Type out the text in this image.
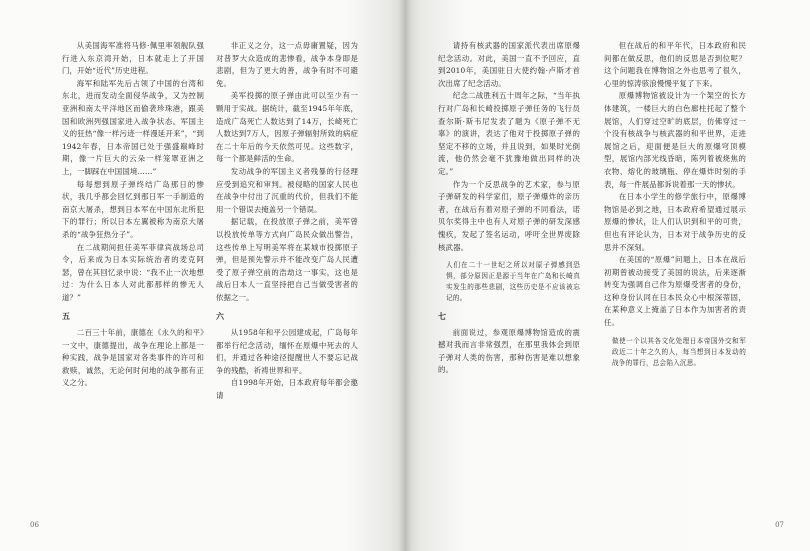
从美国海军准将马修·佩里率领舰队强行进入东京湾开始，日本就走上了开国门，开始“近代”历史进程。

海军和陆军先后占领了中国的台湾和东北，进而发动全面侵华战争，又为控制亚洲和南太平洋地区而偷袭珍珠港，跟美国和欧洲列强国家进入战争状态。军国主义的狂热“像一样污迹一样漫延开来”，“到1942年春，日本帝国已处于强盛巅峰时期，像一片巨大的云朵一样笼罩亚洲之上，一脚踩在中国国境……”

每每想到原子弹终结广岛那日的惨状，我几乎都会回忆到那日军一手制造的南京大屠杀，想到日本军在中国东北所犯下的罪行；所以日本左翼被称为南京大屠杀的“战争狂热分子”。

在二战期间担任美军菲律宾战场总司令，后来成为日本实际统治者的麦克阿瑟，曾在其回忆录中说：“我不止一次地想过：为什么日本人对此都那样的惨无人道？”

五

二百三十年前，康德在《永久的和平》一文中，康德提出，战争在理论上都是一种实践，战争是国家对各类事件的许可和救赎，诚然，无论何时何地的战争都有正义之分。

非正义之分，这一点毋庸置疑，因为对普罗大众造成的悲惨看，战争本身即是悲剧，但为了更大的善，战争有时不可避免。

美军投掷的原子弹由此可以至少有一颗用于实战。据统计，截至1945年年底，造成广岛死亡人数达到了14万，长崎死亡人数达到7万人，因原子弹辐射所致的病症在二十年后的今天依然可见。这些数字，每一个都是鲜活的生命。

发动战争的军国主义者残暴的行径理应受到追究和审判。被侵略的国家人民也在战争中付出了沉重的代价，但我们不能用一个错误去掩盖另一个错误。

据记载，在投放原子弹之前，美军曾以投放传单等方式向广岛民众做出警告，这些传单上写明美军将在某城市投掷原子弹，但是预先警示并不能改变广岛人民遭受了原子弹空前的浩劫这一事实，这也是战后日本人一直坚持把自己当做受害者的依据之一。

六

从1958年和平公园建成起，广岛每年都举行纪念活动，缅怀在原爆中死去的人们，并通过各种途径提醒世人不要忘记战争的残酷，祈祷世界和平。

自1998年开始，日本政府每年都会邀请

06

请持有核武器的国家派代表出席原爆纪念活动。对此，美国一直不予回应，直到2010年，美国驻日大使约翰·卢斯才首次出席了纪念活动。

纪念二战胜利五十周年之际，“当年执行对广岛和长崎投掷原子弹任务的飞行员查尔斯·斯韦尼发表了题为《原子弹不无辜》的演讲，表达了他对于投掷原子弹的坚定不移的立场，并且说到，如果时光倒流，他仍然会毫不犹豫地做出同样的决定。”

作为一个反思战争的艺术家，参与原子弹研发的科学家们，原子弹爆炸的亲历者，在战后有着对原子弹的不同看法，诺贝尔奖得主中也有人对原子弹的研发深感愧疚，发起了签名运动，呼吁全世界废除核武器。

人们在二十一世纪之所以对原子弹感到恐惧，部分原因正是源于当年在广岛和长崎真实发生的那些悲剧，这些历史是不应该被忘记的。
七

前面说过，参观原爆博物馆造成的震撼对我而言非常强烈，在那里我体会到原子弹对人类的伤害，那种伤害是难以想象的。

但在战后的和平年代，日本政府和民间都在做反思，他们的反思是否到位呢？这个问题我在博物馆之外也思考了很久，心里的惊涛骇浪慢慢平复了下来。

原爆博物馆被设计为一个架空的长方体建筑，一楼巨大的白色廊柱托起了整个展馆，人们穿过空旷的底层，仿佛穿过一个没有核战争与核武器的和平世界，走进展馆之后，迎面便是巨大的原爆穹顶模型，展馆内部光线昏暗，陈列着被烧焦的衣物、熔化的玻璃瓶、停在爆炸时刻的手表，每一件展品都诉说着那一天的惨状。

在日本小学生的修学旅行中，原爆博物馆是必到之地，日本政府希望通过展示原爆的惨状，让人们认识到和平的可贵，但也有评论认为，日本对于战争历史的反思并不深刻。

在美国的“原爆”问题上，日本在战后初期曾被动接受了美国的说法，后来逐渐转变为强调自己作为原爆受害者的身份，这种身份认同在日本民众心中根深蒂固，在某种意义上掩盖了日本作为加害者的责任。

做使一个以其各文化处理日本帝国外交和军政近二十年之久的人，每当想到日本发动的战争的罪行，总会陷入沉思。
07
